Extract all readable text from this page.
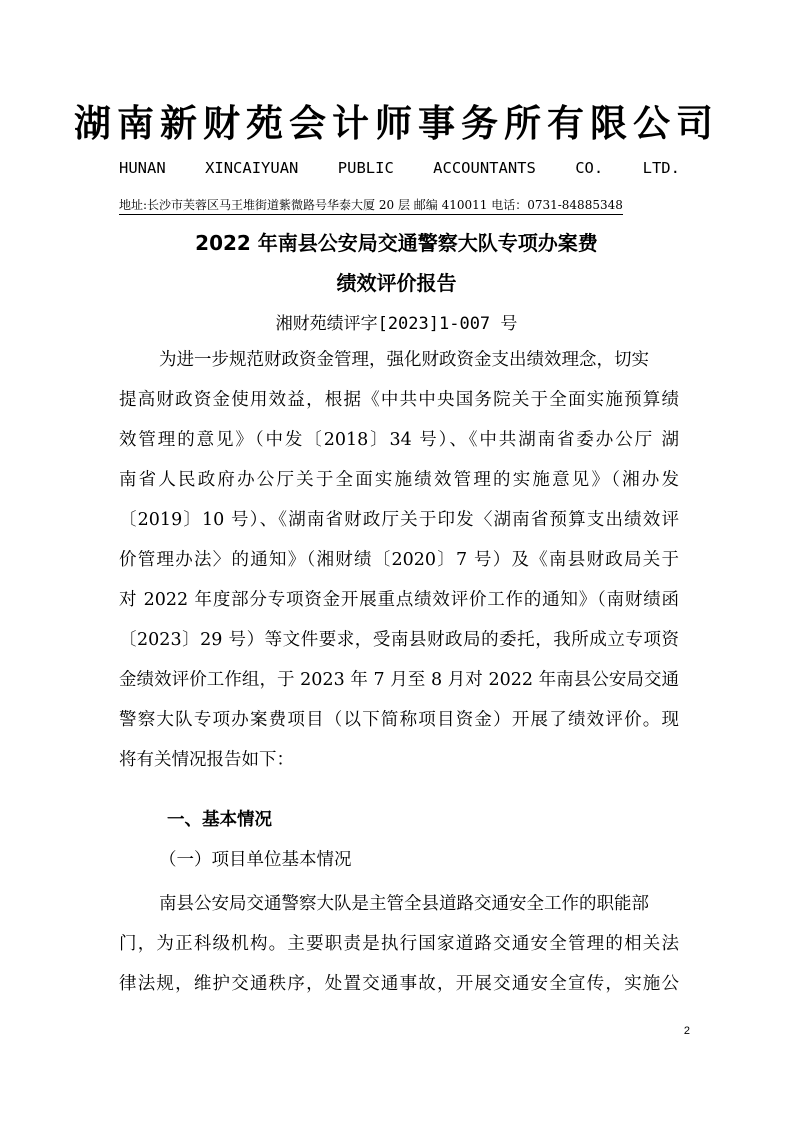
湖南新财苑会计师事务所有限公司
HUNAN	XINCAIYUAN	PUBLIC	ACCOUNTANTS	CO.	LTD.
地址:长沙市芙蓉区马王堆街道紫微路号华泰大厦 20 层 邮编 410011 电话：0731-84885348
2022 年南县公安局交通警察大队专项办案费
绩效评价报告
湘财苑绩评字[2023]1-007 号
为进一步规范财政资金管理，强化财政资金支出绩效理念，切实
提高财政资金使用效益，根据《中共中央国务院关于全面实施预算绩
效管理的意见》（中发〔2018〕34 号）、《中共湖南省委办公厅 湖
南省人民政府办公厅关于全面实施绩效管理的实施意见》（湘办发
〔2019〕10 号）、《湖南省财政厅关于印发〈湖南省预算支出绩效评
价管理办法〉的通知》（湘财绩〔2020〕7 号）及《南县财政局关于
对 2022 年度部分专项资金开展重点绩效评价工作的通知》（南财绩函
〔2023〕29 号）等文件要求，受南县财政局的委托，我所成立专项资
金绩效评价工作组，于 2023 年 7 月至 8 月对 2022 年南县公安局交通
警察大队专项办案费项目（以下简称项目资金）开展了绩效评价。现
将有关情况报告如下：
一、基本情况
（一）项目单位基本情况
南县公安局交通警察大队是主管全县道路交通安全工作的职能部
门，为正科级机构。主要职责是执行国家道路交通安全管理的相关法
律法规，维护交通秩序，处置交通事故，开展交通安全宣传，实施公
2
